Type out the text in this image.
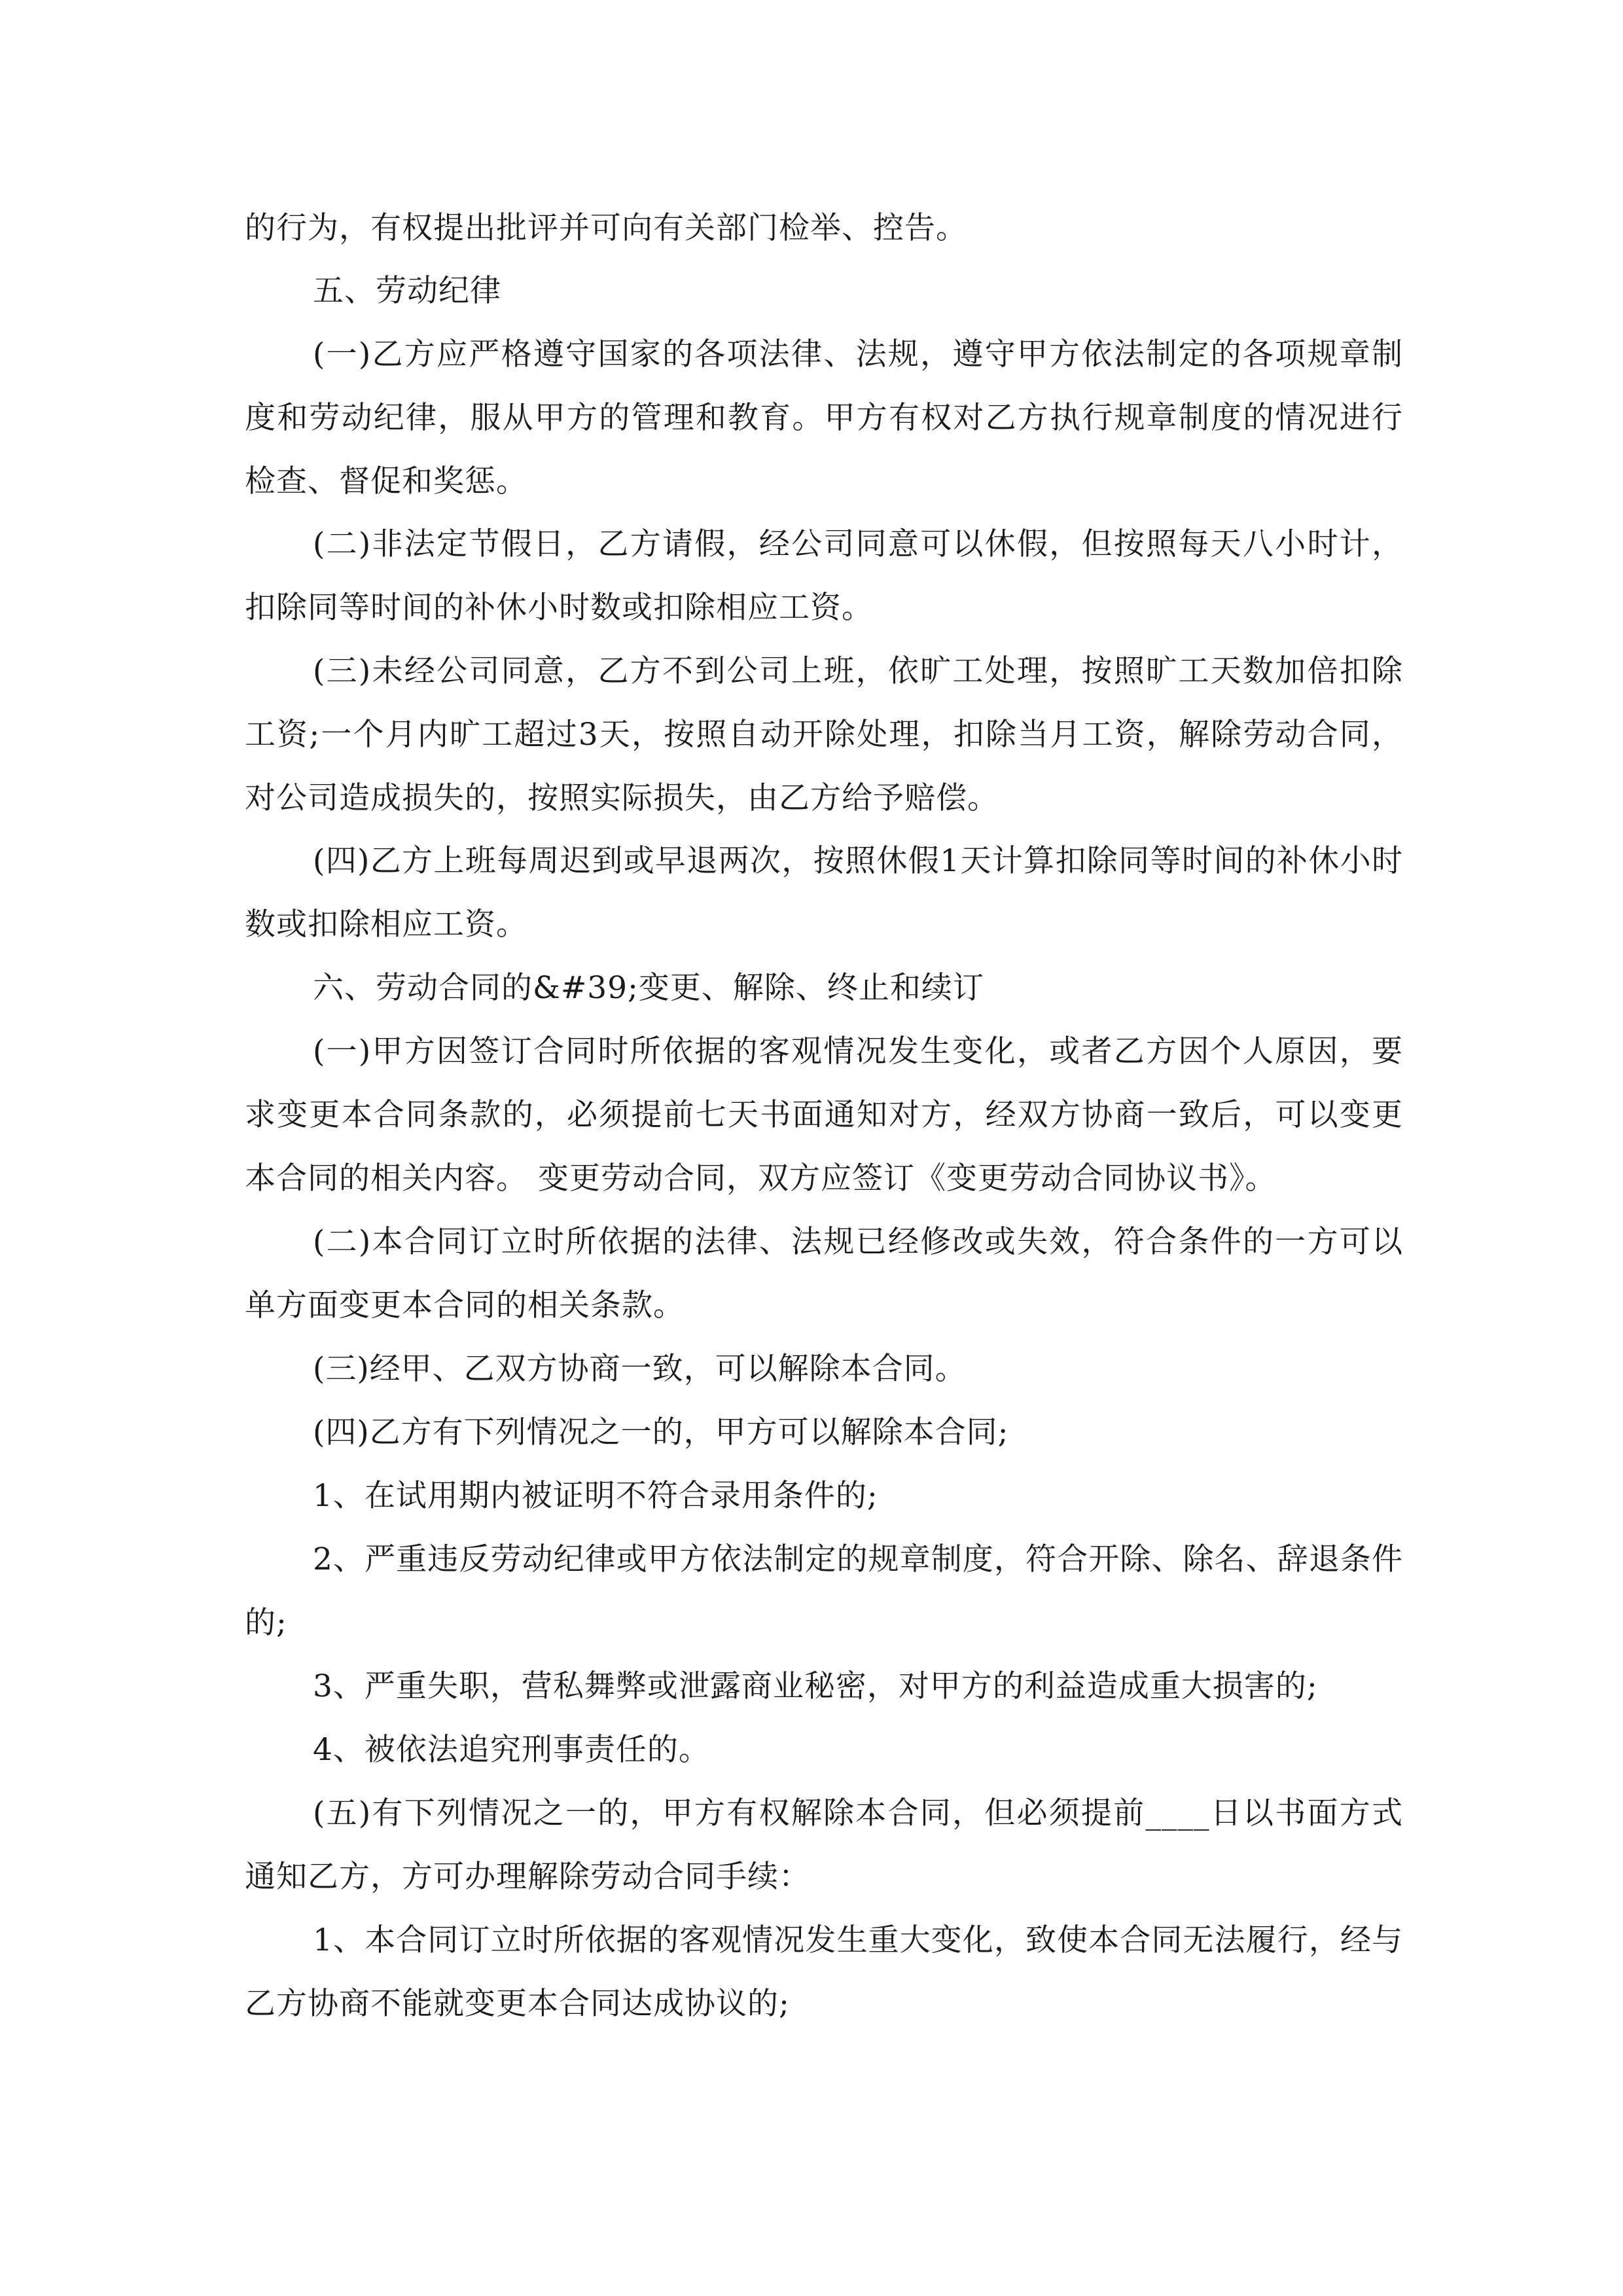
的行为，有权提出批评并可向有关部门检举、控告。

五、劳动纪律

(一)乙方应严格遵守国家的各项法律、法规，遵守甲方依法制定的各项规章制度和劳动纪律，服从甲方的管理和教育。甲方有权对乙方执行规章制度的情况进行检查、督促和奖惩。

(二)非法定节假日，乙方请假，经公司同意可以休假，但按照每天八小时计，扣除同等时间的补休小时数或扣除相应工资。

(三)未经公司同意，乙方不到公司上班，依旷工处理，按照旷工天数加倍扣除工资;一个月内旷工超过3天，按照自动开除处理，扣除当月工资，解除劳动合同，对公司造成损失的，按照实际损失，由乙方给予赔偿。

(四)乙方上班每周迟到或早退两次，按照休假1天计算扣除同等时间的补休小时数或扣除相应工资。

六、劳动合同的&#39;变更、解除、终止和续订

(一)甲方因签订合同时所依据的客观情况发生变化，或者乙方因个人原因，要求变更本合同条款的，必须提前七天书面通知对方，经双方协商一致后，可以变更本合同的相关内容。 变更劳动合同，双方应签订《变更劳动合同协议书》。

(二)本合同订立时所依据的法律、法规已经修改或失效，符合条件的一方可以单方面变更本合同的相关条款。

(三)经甲、乙双方协商一致，可以解除本合同。

(四)乙方有下列情况之一的，甲方可以解除本合同;

1、在试用期内被证明不符合录用条件的;

2、严重违反劳动纪律或甲方依法制定的规章制度，符合开除、除名、辞退条件的;

3、严重失职，营私舞弊或泄露商业秘密，对甲方的利益造成重大损害的;

4、被依法追究刑事责任的。

(五)有下列情况之一的，甲方有权解除本合同，但必须提前____日以书面方式通知乙方，方可办理解除劳动合同手续：

1、本合同订立时所依据的客观情况发生重大变化，致使本合同无法履行，经与乙方协商不能就变更本合同达成协议的;
